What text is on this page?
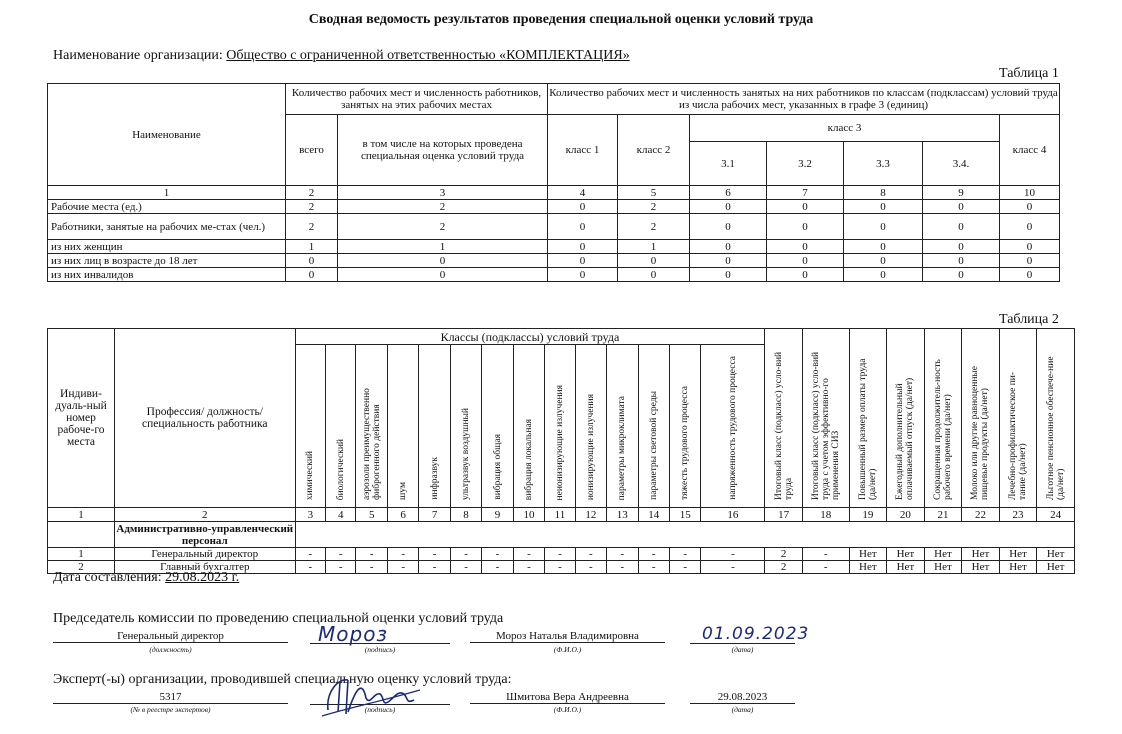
Сводная ведомость результатов проведения специальной оценки условий труда
Наименование организации: Общество с ограниченной ответственностью «КОМПЛЕКТАЦИЯ»
Таблица 1
Наименование	Количество рабочих мест и численность работников, занятых на этих рабочих местах		Количество рабочих мест и численность занятых на них работников по классам (подклассам) условий труда из числа рабочих мест, указанных в графе 3 (единиц)						
	всего	в том числе на которых проведена специальная оценка условий труда	класс 1	класс 2	класс 3				класс 4
					3.1	3.2	3.3	3.4.	
1	2	3	4	5	6	7	8	9	10
Рабочие места (ед.)	2	2	0	2	0	0	0	0	0
Работники, занятые на рабочих ме-стах (чел.)	2	2	0	2	0	0	0	0	0
из них женщин	1	1	0	1	0	0	0	0	0
из них лиц в возрасте до 18 лет	0	0	0	0	0	0	0	0	0
из них инвалидов	0	0	0	0	0	0	0	0	0
Таблица 2
Индиви-дуаль-ный номер рабоче-го места	Профессия/ должность/ специальность работника	Классы (подклассы) условий труда														Итоговый класс (подкласс) усло-вий труда	Итоговый класс (подкласс) усло-вий труда с учетом эффективно-го применения СИЗ	Повышенный размер оплаты труда (да/нет)	Ежегодный дополнительный оплачиваемый отпуск (да/нет)	Сокращенная продолжитель-ность рабочего времени (да/нет)	Молоко или другие равноценные пищевые продукты (да/нет)	Лечебно-профилактическое пи-тание (да/нет)	Льготное пенсионное обеспече-ние (да/нет)
		химический	биологический	аэрозоли преимущественно фиброгенного действия	шум	инфразвук	ультразвук воздушный	вибрация общая	вибрация локальная	неионизирующие излучения	ионизирующие излучения	параметры микроклимата	параметры световой среды	тяжесть трудового процесса	напряженность трудового процесса								
1	2	3	4	5	6	7	8	9	10	11	12	13	14	15	16	17	18	19	20	21	22	23	24
	Административно-управленческий персонал																						
1	Генеральный директор	-	-	-	-	-	-	-	-	-	-	-	-	-	-	2	-	Нет	Нет	Нет	Нет	Нет	Нет
2	Главный бухгалтер	-	-	-	-	-	-	-	-	-	-	-	-	-	-	2	-	Нет	Нет	Нет	Нет	Нет	Нет
Дата составления: 29.08.2023 г.
Председатель комиссии по проведению специальной оценки условий труда
Генеральный директор
(должность)	(подпись)
Мороз	Мороз Наталья Владимировна
(Ф.И.О.)
01.09.2023
(дата)
Эксперт(-ы) организации, проводившей специальную оценку условий труда:
5317
(№ в реестре экспертов)	(подпись)
Шмитова Вера Андреевна
(Ф.И.О.)
29.08.2023
(дата)
